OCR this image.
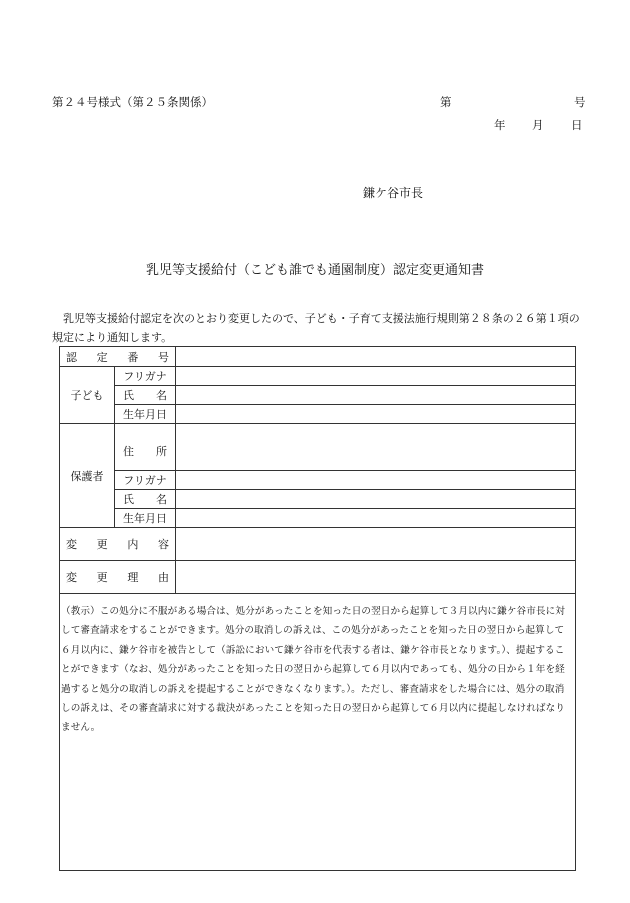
第２４号様式（第２５条関係）	第	号
年 月 日
鎌ケ谷市長
乳児等支援給付（こども誰でも通園制度）認定変更通知書
　乳児等支援給付認定を次のとおり変更したので、子ども・子育て支援法施行規則第２８条の２６第１項の規定により通知します。
認 定 番 号
子ども
フリガナ
氏 名
生年月日
保護者
住 所
フリガナ
氏 名
生年月日
変 更 内 容
変 更 理 由
（教示）この処分に不服がある場合は、処分があったことを知った日の翌日から起算して３月以内に鎌ケ谷市長に対して審査請求をすることができます。処分の取消しの訴えは、この処分があったことを知った日の翌日から起算して６月以内に、鎌ケ谷市を被告として（訴訟において鎌ケ谷市を代表する者は、鎌ケ谷市長となります。）、提起することができます（なお、処分があったことを知った日の翌日から起算して６月以内であっても、処分の日から１年を経過すると処分の取消しの訴えを提起することができなくなります。）。ただし、審査請求をした場合には、処分の取消しの訴えは、その審査請求に対する裁決があったことを知った日の翌日から起算して６月以内に提起しなければなりません。
